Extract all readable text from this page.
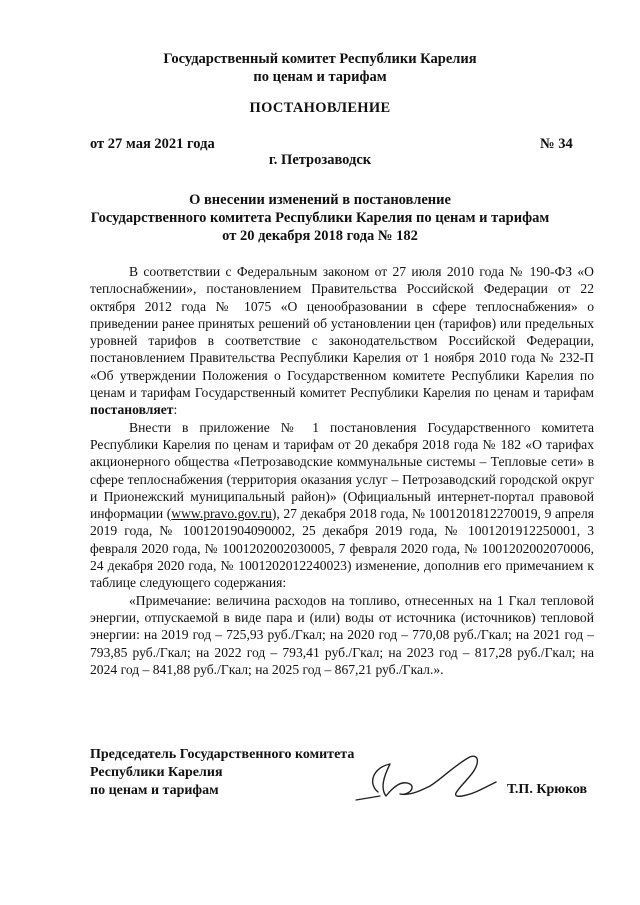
Государственный комитет Республики Карелия
по ценам и тарифам
ПОСТАНОВЛЕНИЕ
от 27 мая 2021 года	№ 34
г. Петрозаводск
О внесении изменений в постановление
Государственного комитета Республики Карелия по ценам и тарифам
от 20 декабря 2018 года № 182

В соответствии с Федеральным законом от 27 июля 2010 года № 190-ФЗ «О теплоснабжении», постановлением Правительства Российской Федерации от 22 октября 2012 года № 1075 «О ценообразовании в сфере теплоснабжения» о приведении ранее принятых решений об установлении цен (тарифов) или предельных уровней тарифов в соответствие с законодательством Российской Федерации, постановлением Правительства Республики Карелия от 1 ноября 2010 года № 232-П «Об утверждении Положения о Государственном комитете Республики Карелия по ценам и тарифам Государственный комитет Республики Карелия по ценам и тарифам постановляет:

Внести в приложение № 1 постановления Государственного комитета Республики Карелия по ценам и тарифам от 20 декабря 2018 года № 182 «О тарифах акционерного общества «Петрозаводские коммунальные системы – Тепловые сети» в сфере теплоснабжения (территория оказания услуг – Петрозаводский городской округ и Прионежский муниципальный район)» (Официальный интернет-портал правовой информации (www.pravo.gov.ru), 27 декабря 2018 года, № 1001201812270019, 9 апреля 2019 года, № 1001201904090002, 25 декабря 2019 года, № 1001201912250001, 3 февраля 2020 года, № 1001202002030005, 7 февраля 2020 года, № 1001202002070006, 24 декабря 2020 года, № 1001202012240023) изменение, дополнив его примечанием к таблице следующего содержания:

«Примечание: величина расходов на топливо, отнесенных на 1 Гкал тепловой энергии, отпускаемой в виде пара и (или) воды от источника (источников) тепловой энергии: на 2019 год – 725,93 руб./Гкал; на 2020 год – 770,08 руб./Гкал; на 2021 год – 793,85 руб./Гкал; на 2022 год – 793,41 руб./Гкал; на 2023 год – 817,28 руб./Гкал; на 2024 год – 841,88 руб./Гкал; на 2025 год – 867,21 руб./Гкал.».

Председатель Государственного комитета
Республики Карелия
по ценам и тарифам	Т.П. Крюков
